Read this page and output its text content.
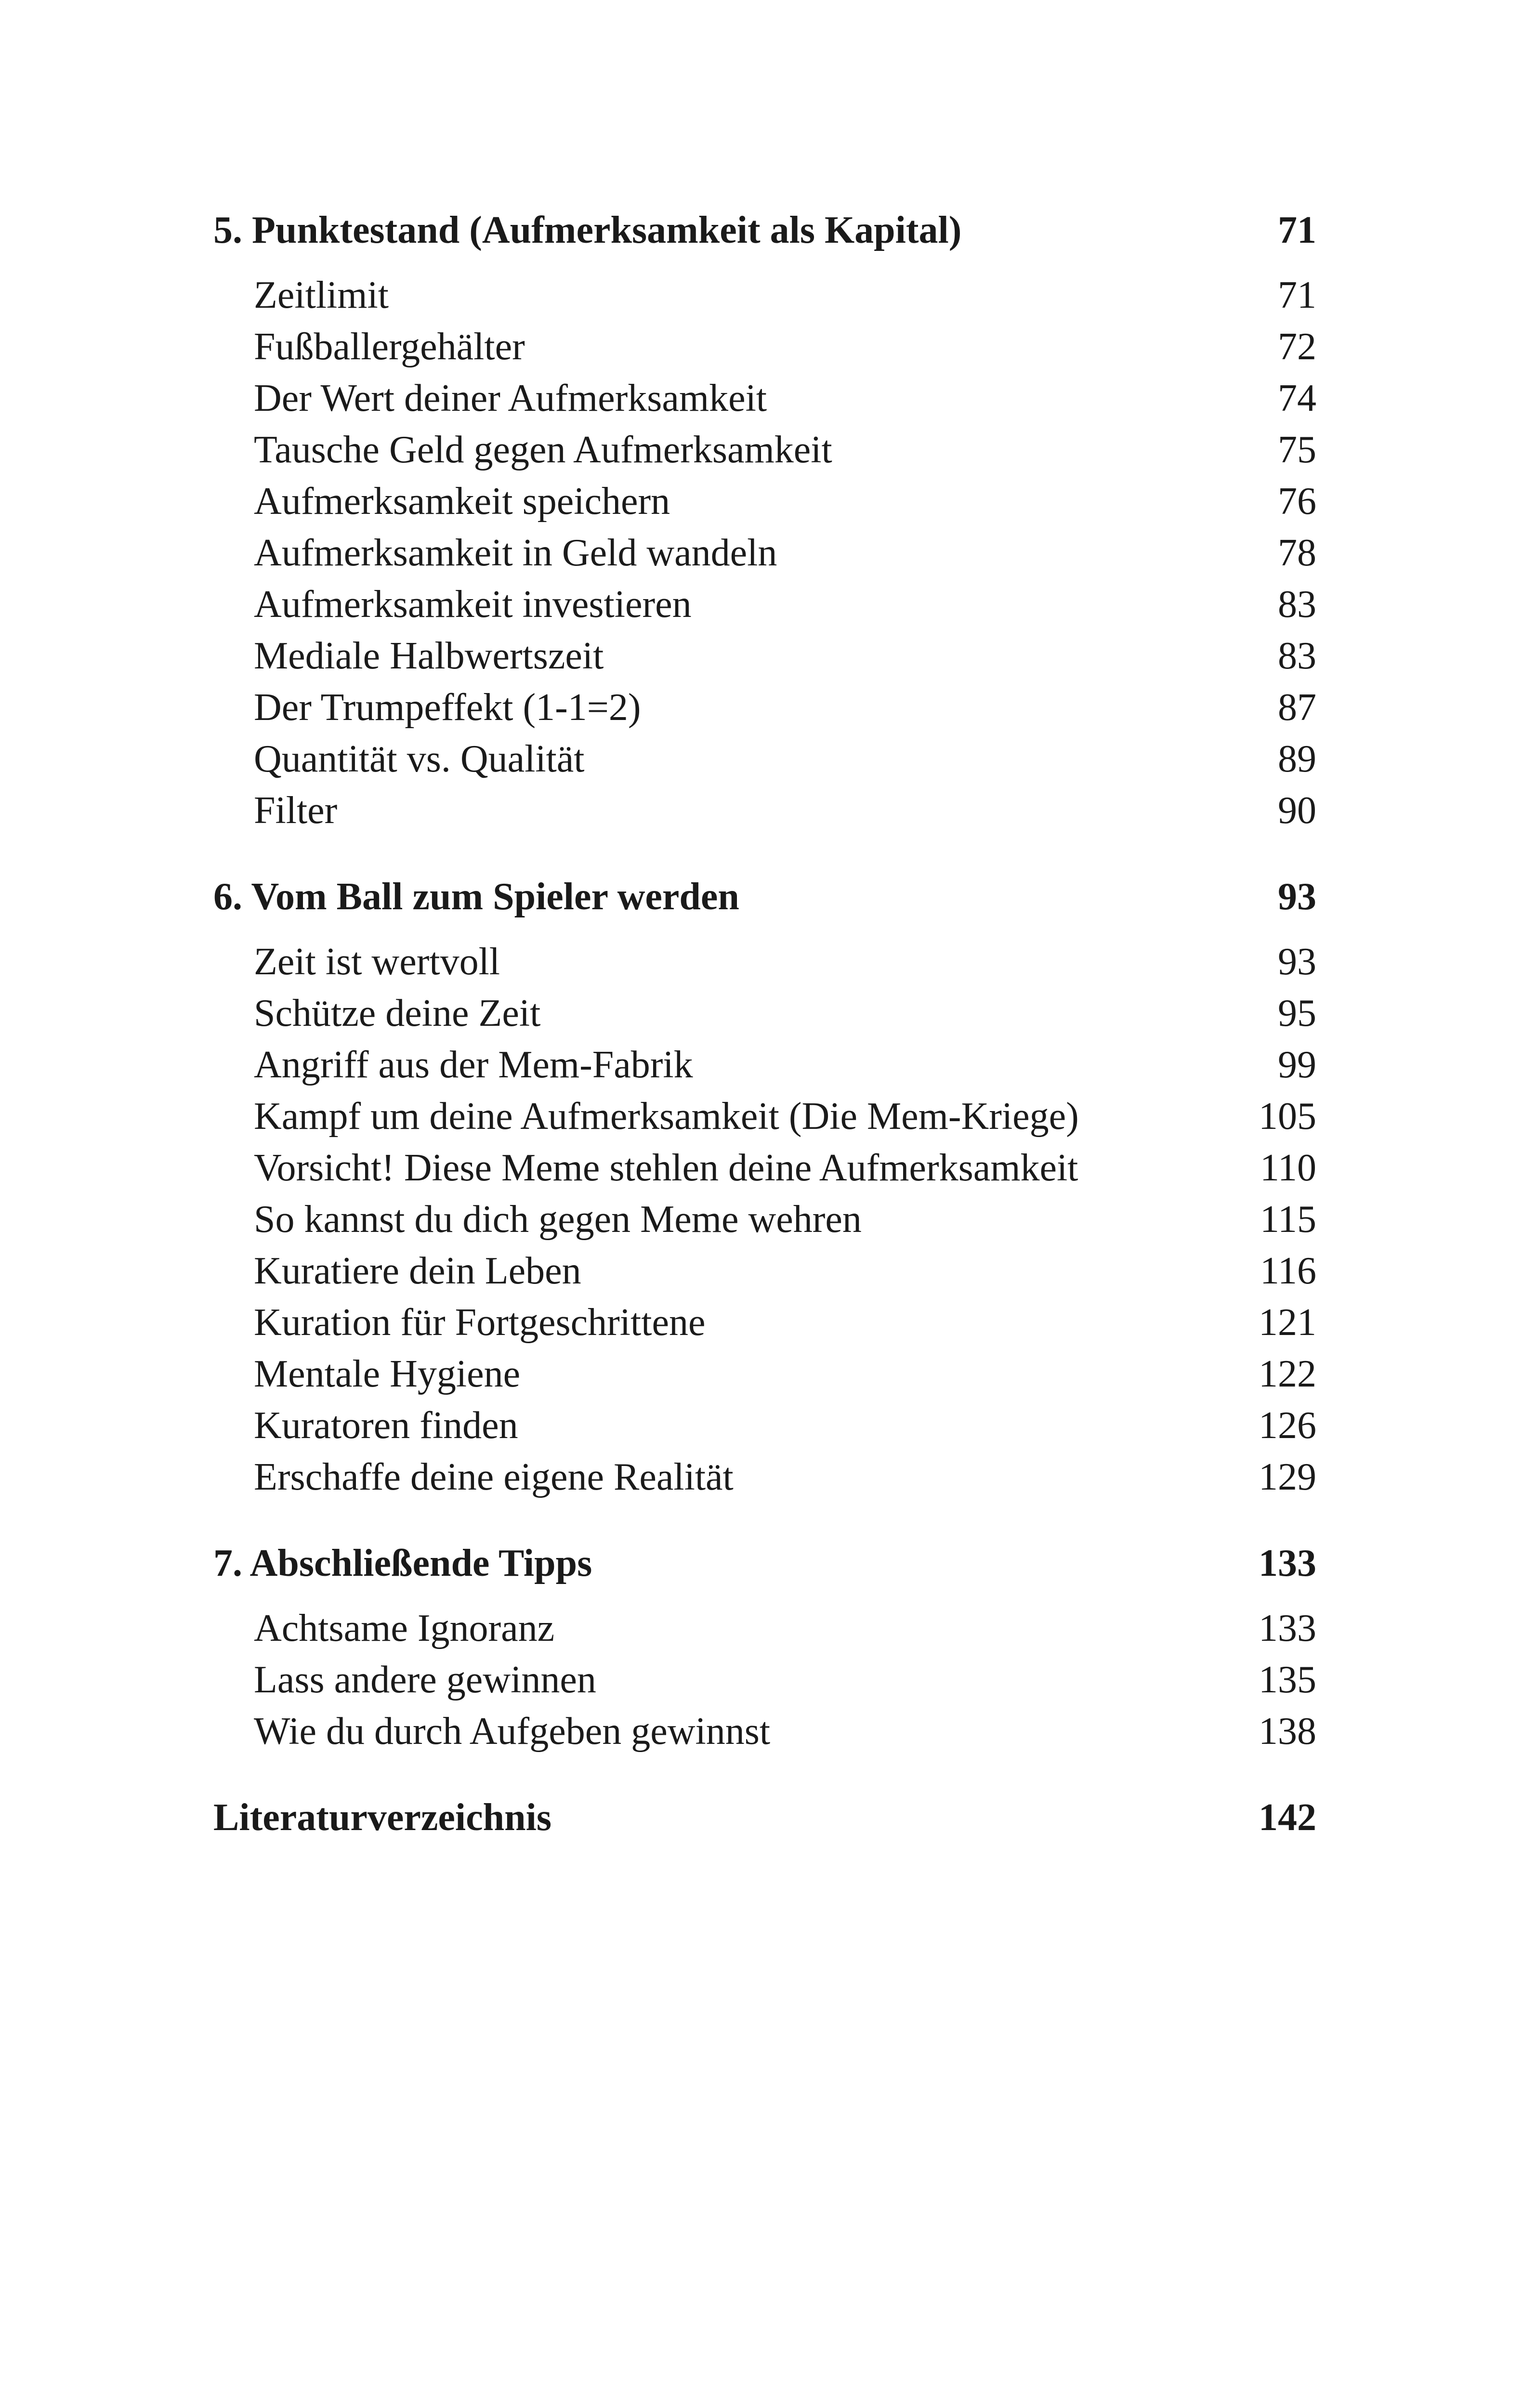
5. Punktestand (Aufmerksamkeit als Kapital)	71
Zeitlimit	71
Fußballergehälter	72
Der Wert deiner Aufmerksamkeit	74
Tausche Geld gegen Aufmerksamkeit	75
Aufmerksamkeit speichern	76
Aufmerksamkeit in Geld wandeln	78
Aufmerksamkeit investieren	83
Mediale Halbwertszeit	83
Der Trumpeffekt (1-1=2)	87
Quantität vs. Qualität	89
Filter	90
6. Vom Ball zum Spieler werden	93
Zeit ist wertvoll	93
Schütze deine Zeit	95
Angriff aus der Mem-Fabrik	99
Kampf um deine Aufmerksamkeit (Die Mem-Kriege)	105
Vorsicht! Diese Meme stehlen deine Aufmerksamkeit	110
So kannst du dich gegen Meme wehren	115
Kuratiere dein Leben	116
Kuration für Fortgeschrittene	121
Mentale Hygiene	122
Kuratoren finden	126
Erschaffe deine eigene Realität	129
7. Abschließende Tipps	133
Achtsame Ignoranz	133
Lass andere gewinnen	135
Wie du durch Aufgeben gewinnst	138
Literaturverzeichnis	142
